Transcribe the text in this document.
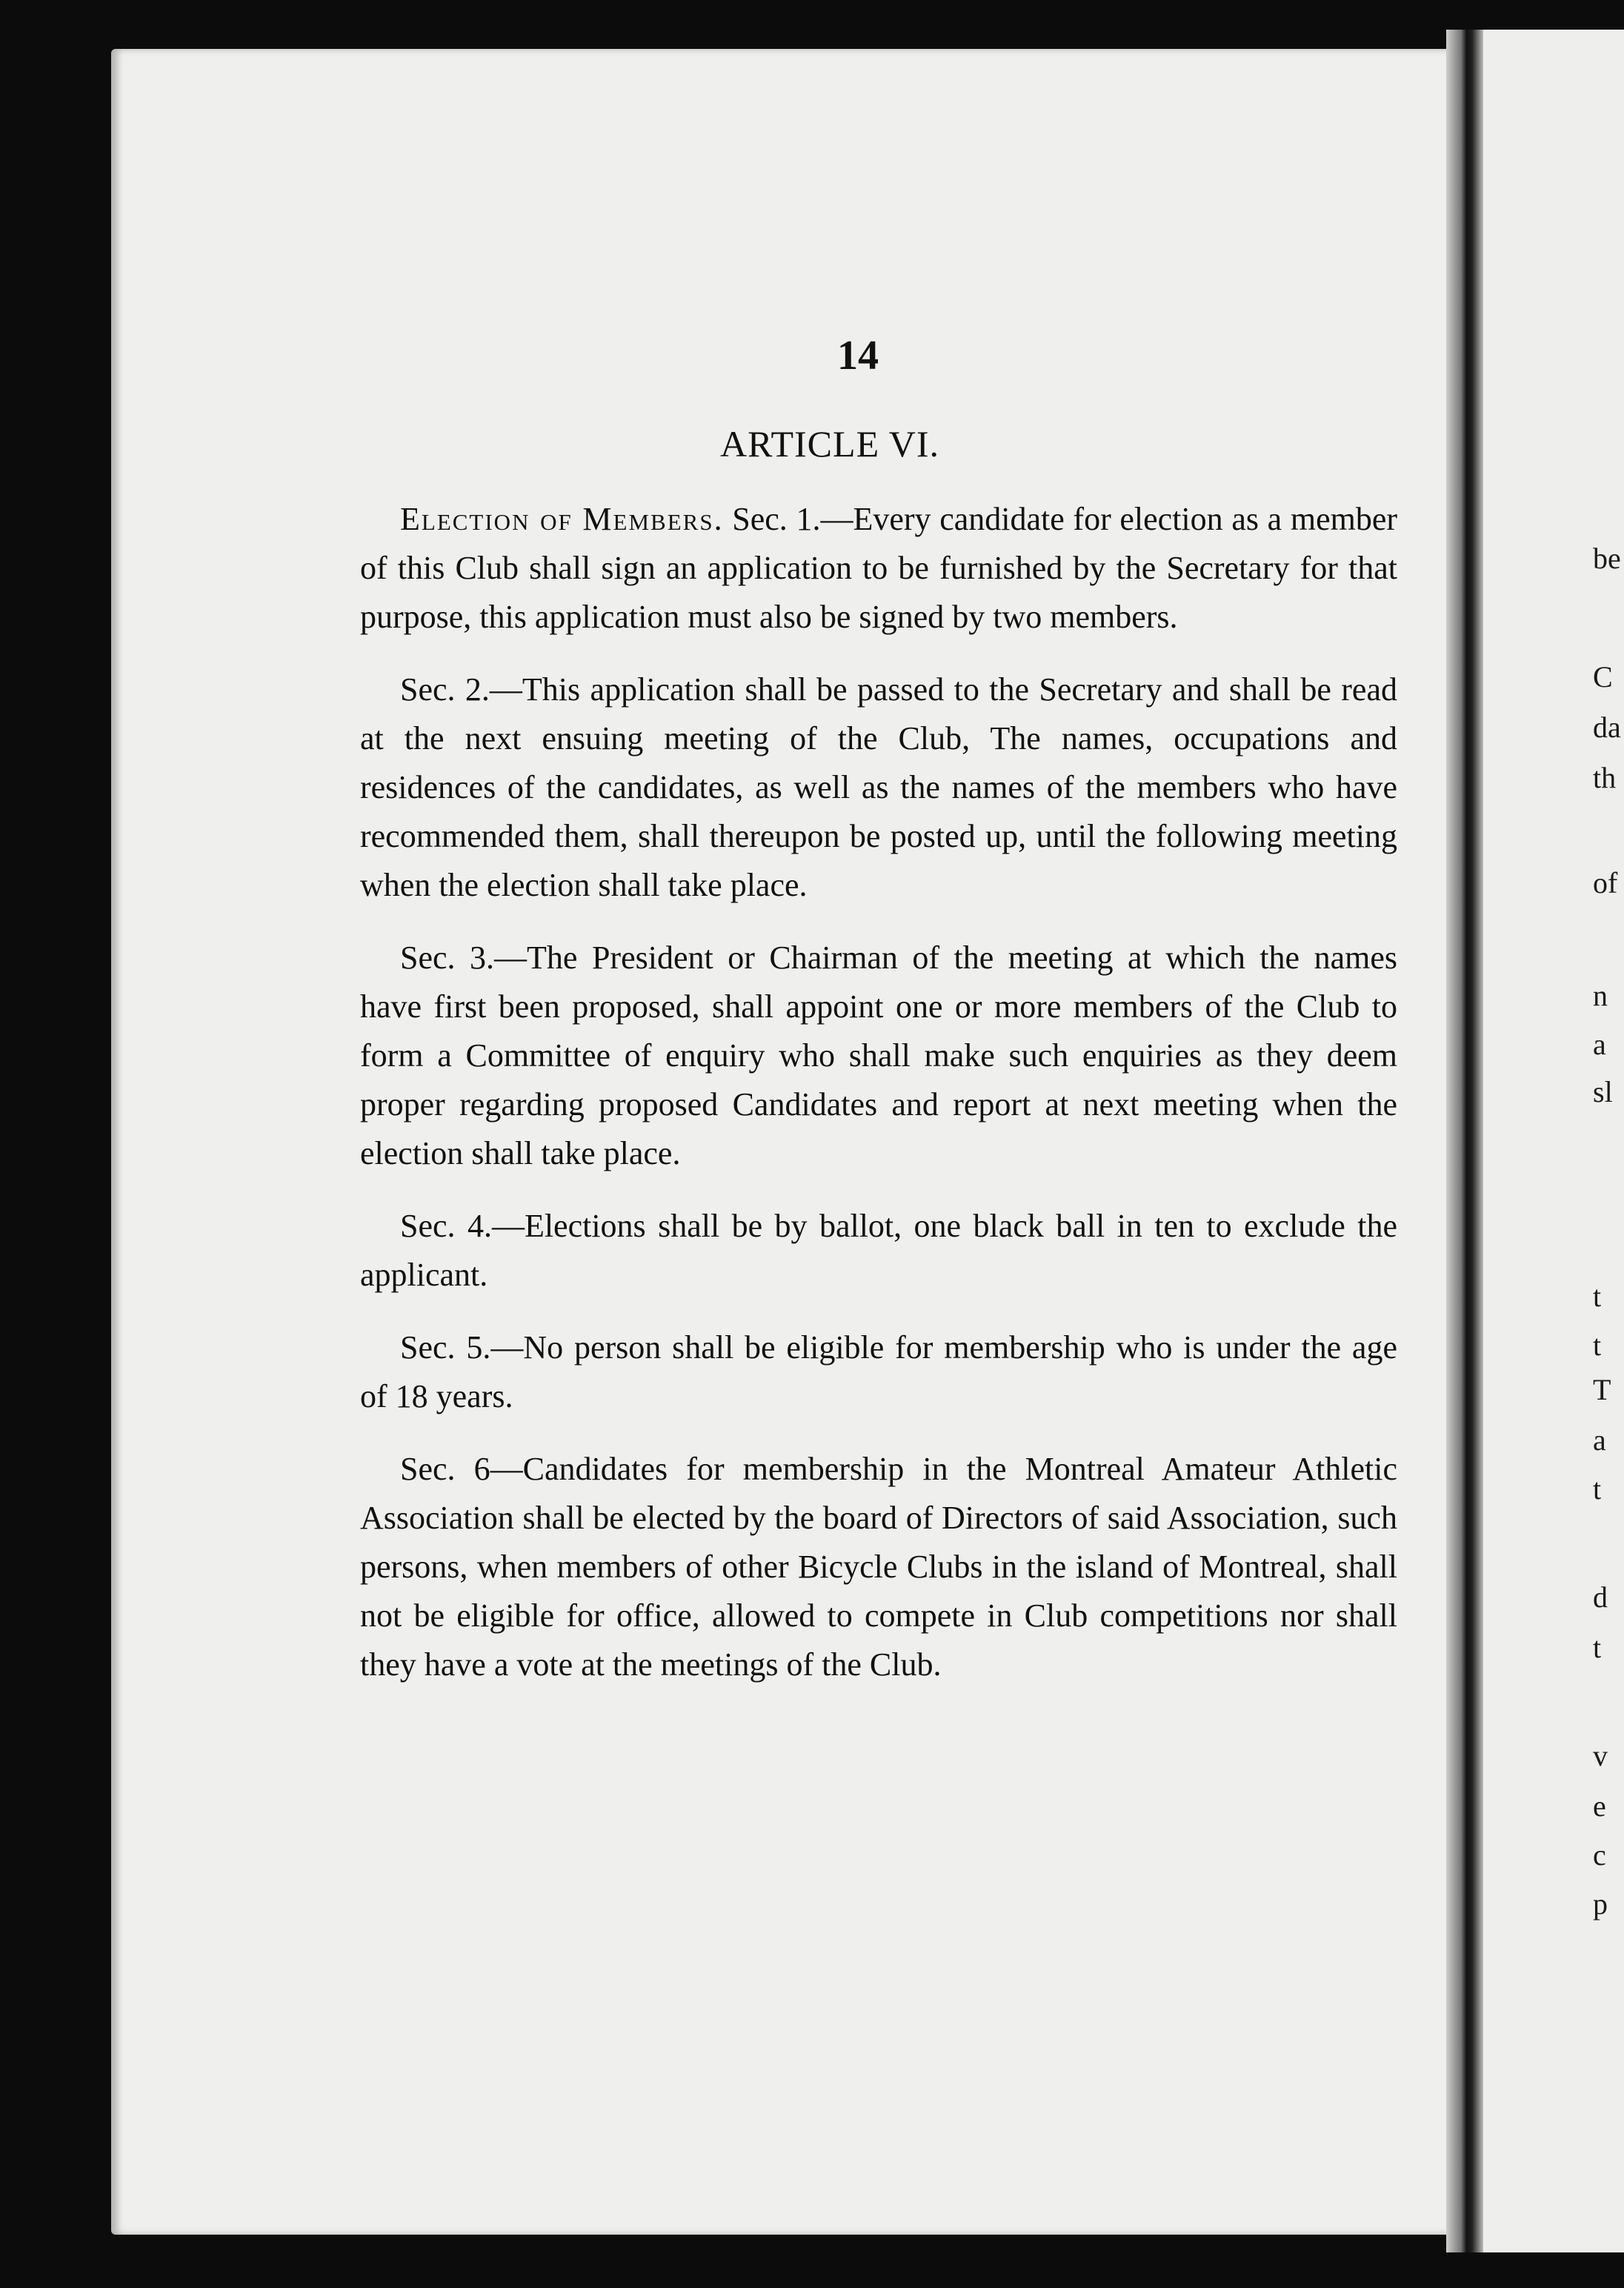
be
C
da
th
of
n
a
sl
t
t
T
a
t
d
t
v
e
c
p
14
ARTICLE VI.

Election of Members. Sec. 1.—Every candidate for election as a member of this Club shall sign an application to be furnished by the Secretary for that purpose, this application must also be signed by two members.

Sec. 2.—This application shall be passed to the Secretary and shall be read at the next ensuing meeting of the Club, The names, occupations and residences of the candidates, as well as the names of the members who have recommended them, shall thereupon be posted up, until the following meeting when the election shall take place.

Sec. 3.—The President or Chairman of the meeting at which the names have first been proposed, shall appoint one or more members of the Club to form a Committee of enquiry who shall make such enquiries as they deem proper regarding proposed Candidates and report at next meeting when the election shall take place.

Sec. 4.—Elections shall be by ballot, one black ball in ten to exclude the applicant.

Sec. 5.—No person shall be eligible for membership who is under the age of 18 years.

Sec. 6—Candidates for membership in the Montreal Amateur Athletic Association shall be elected by the board of Directors of said Association, such persons, when members of other Bicycle Clubs in the island of Montreal, shall not be eligible for office, allowed to compete in Club competitions nor shall they have a vote at the meetings of the Club.
